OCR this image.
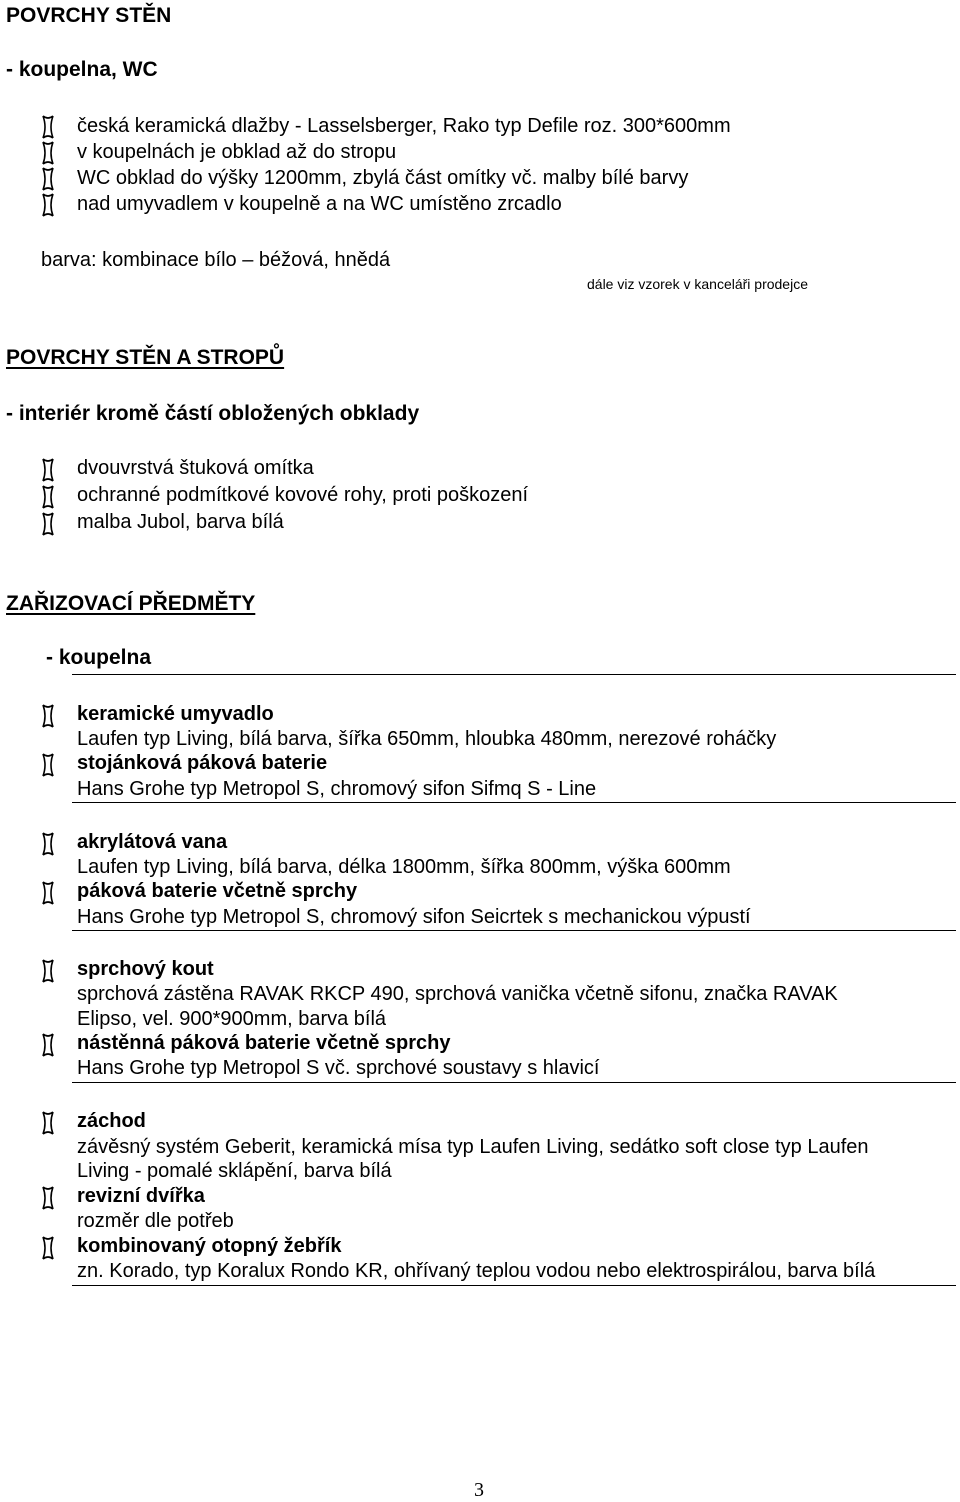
POVRCHY STĚN
- koupelna, WC
česká keramická dlažby - Lasselsberger, Rako typ Defile roz. 300*600mm
v koupelnách je obklad až do stropu
WC obklad do výšky 1200mm, zbylá část omítky vč. malby bílé barvy
nad umyvadlem v koupelně a na WC umístěno zrcadlo
barva: kombinace bílo – béžová, hnědá
dále viz vzorek v kanceláři prodejce
POVRCHY STĚN A STROPŮ
- interiér kromě částí obložených obklady
dvouvrstvá štuková omítka
ochranné podmítkové kovové rohy, proti poškození
malba Jubol, barva bílá
ZAŘIZOVACÍ PŘEDMĚTY
- koupelna
keramické umyvadlo
Laufen typ Living, bílá barva, šířka 650mm, hloubka 480mm, nerezové roháčky
stojánková páková baterie
Hans Grohe typ Metropol S, chromový sifon Sifmq S - Line
akrylátová vana
Laufen typ Living, bílá barva, délka 1800mm, šířka 800mm, výška 600mm
páková baterie včetně sprchy
Hans Grohe typ Metropol S, chromový sifon Seicrtek s mechanickou výpustí
sprchový kout
sprchová zástěna RAVAK RKCP 490, sprchová vanička včetně sifonu, značka RAVAK
Elipso, vel. 900*900mm, barva bílá
nástěnná páková baterie včetně sprchy
Hans Grohe typ Metropol S vč. sprchové soustavy s hlavicí
záchod
závěsný systém Geberit, keramická mísa typ Laufen Living, sedátko soft close typ Laufen
Living - pomalé sklápění, barva bílá
revizní dvířka
rozměr dle potřeb
kombinovaný otopný žebřík
zn. Korado, typ Koralux Rondo KR, ohřívaný teplou vodou nebo elektrospirálou, barva bílá
3
